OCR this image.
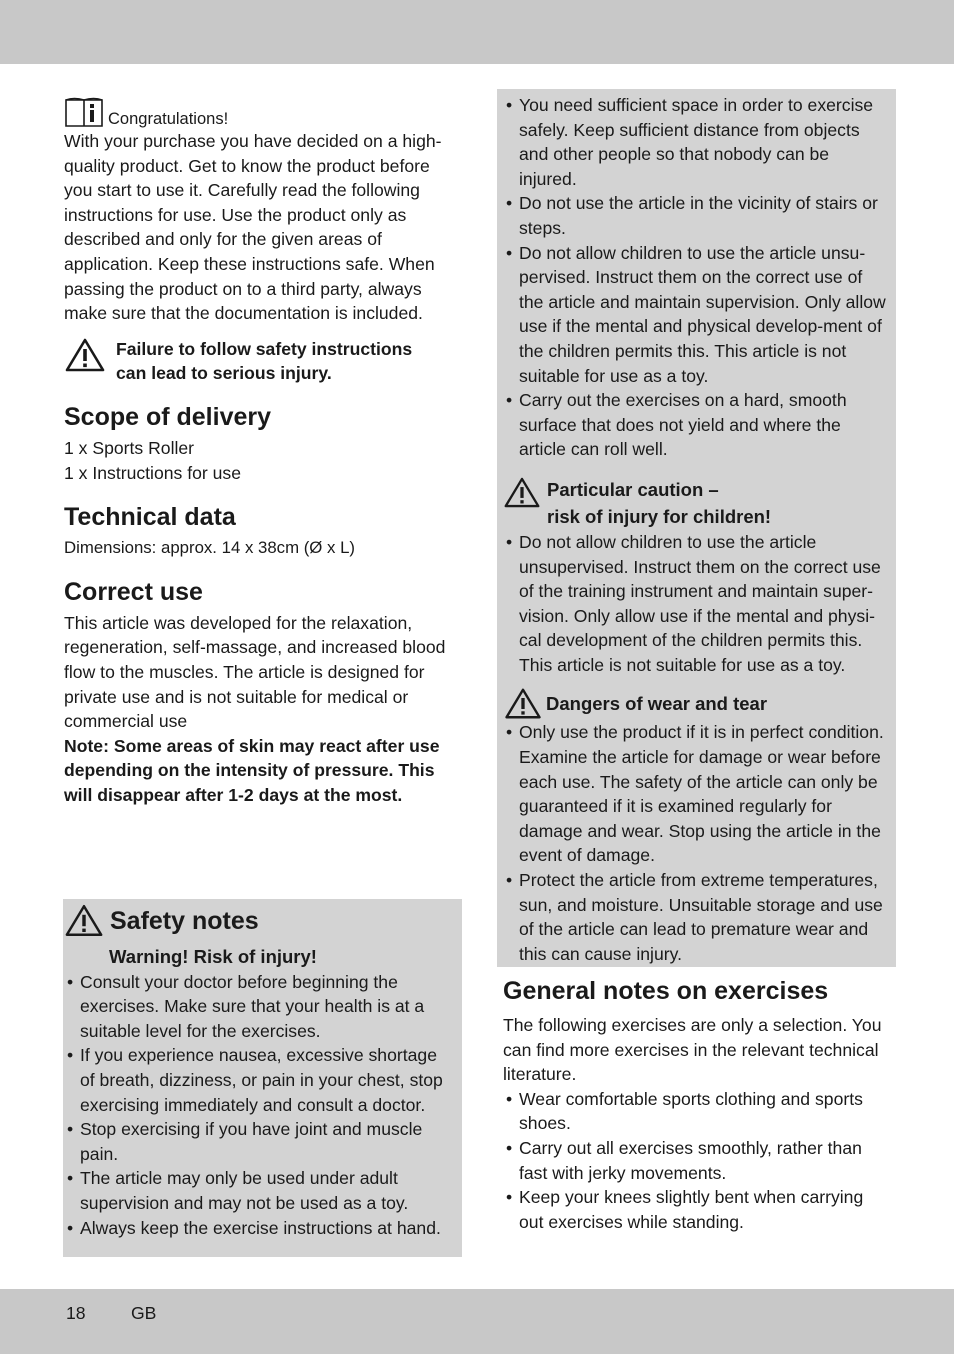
Congratulations!

With your purchase you have decided on a high-quality product. Get to know the product before you start to use it. Carefully read the following instructions for use. Use the product only as described and only for the given areas of application. Keep these instructions safe. When passing the product on to a third party, always make sure that the documentation is included.

Failure to follow safety instructions can lead to serious injury.

Scope of delivery

1 x Sports Roller

1 x Instructions for use

Technical data

Dimensions: approx. 14 x 38cm (Ø x L)

Correct use

This article was developed for the relaxation, regeneration, self-massage, and increased blood flow to the muscles. The article is designed for private use and is not suitable for medical or commercial use

Note: Some areas of skin may react after use depending on the intensity of pressure. This will disappear after 1-2 days at the most.

Safety notes

Warning! Risk of injury!

• Consult your doctor before beginning the exercises. Make sure that your health is at a suitable level for the exercises.
• If you experience nausea, excessive shortage of breath, dizziness, or pain in your chest, stop exercising immediately and consult a doctor.
• Stop exercising if you have joint and muscle pain.
• The article may only be used under adult supervision and may not be used as a toy.
• Always keep the exercise instructions at hand.
• You need sufficient space in order to exercise safely. Keep sufficient distance from objects and other people so that nobody can be injured.
• Do not use the article in the vicinity of stairs or steps.
• Do not allow children to use the article unsu-pervised. Instruct them on the correct use of the article and maintain supervision. Only allow use if the mental and physical develop-ment of the children permits this. This article is not suitable for use as a toy.
• Carry out the exercises on a hard, smooth surface that does not yield and where the article can roll well.
Particular caution –
risk of injury for children!
• Do not allow children to use the article unsupervised. Instruct them on the correct use of the training instrument and maintain super-vision. Only allow use if the mental and physi-cal development of the children permits this. This article is not suitable for use as a toy.
Dangers of wear and tear
• Only use the product if it is in perfect condition. Examine the article for damage or wear before each use. The safety of the article can only be guaranteed if it is examined regularly for damage and wear. Stop using the article in the event of damage.
• Protect the article from extreme temperatures, sun, and moisture. Unsuitable storage and use of the article can lead to premature wear and this can cause injury.
General notes on exercises

The following exercises are only a selection. You can find more exercises in the relevant technical literature.

• Wear comfortable sports clothing and sports shoes.
• Carry out all exercises smoothly, rather than fast with jerky movements.
• Keep your knees slightly bent when carrying out exercises while standing.
18	GB
